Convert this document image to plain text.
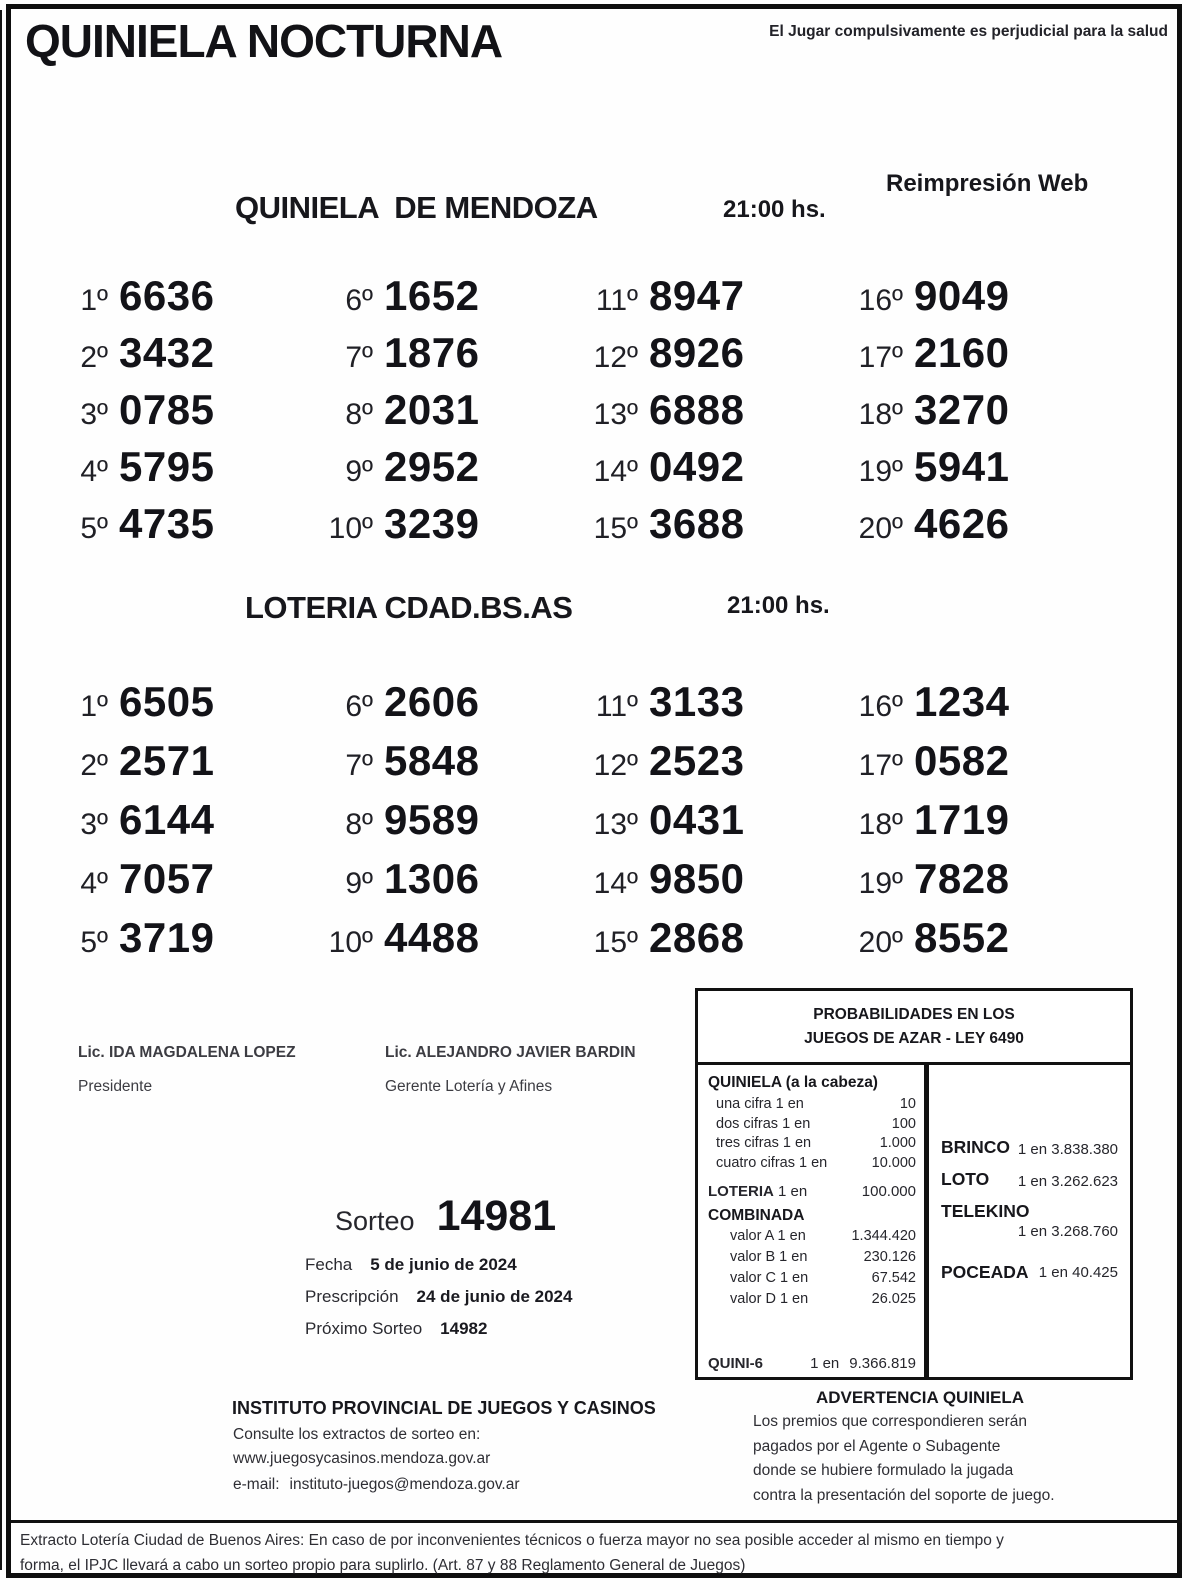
QUINIELA NOCTURNA	El Jugar compulsivamente es perjudicial para la salud
Reimpresión Web
QUINIELA  DE MENDOZA	21:00 hs.
1º 6636
2º 3432
3º 0785
4º 5795
5º 4735
6º 1652
7º 1876
8º 2031
9º 2952
10º 3239
11º 8947
12º 8926
13º 6888
14º 0492
15º 3688
16º 9049
17º 2160
18º 3270
19º 5941
20º 4626
LOTERIA CDAD.BS.AS	21:00 hs.
1º 6505
2º 2571
3º 6144
4º 7057
5º 3719
6º 2606
7º 5848
8º 9589
9º 1306
10º 4488
11º 3133
12º 2523
13º 0431
14º 9850
15º 2868
16º 1234
17º 0582
18º 1719
19º 7828
20º 8552
Lic. IDA MAGDALENA LOPEZ
Presidente
Lic. ALEJANDRO JAVIER BARDIN
Gerente Lotería y Afines
Sorteo 14981
Fecha 5 de junio de 2024
Prescripción 24 de junio de 2024
Próximo Sorteo 14982
PROBABILIDADES EN LOS
JUEGOS DE AZAR - LEY 6490
QUINIELA (a la cabeza)
una cifra 1 en	10
dos cifras 1 en	100
tres cifras 1 en	1.000
cuatro cifras 1 en	10.000
LOTERIA 1 en	100.000
COMBINADA
valor A 1 en	1.344.420
valor B 1 en	230.126
valor C 1 en	67.542
valor D 1 en	26.025
QUINI-6	1 en 9.366.819
BRINCO 1 en 3.838.380
LOTO 1 en 3.262.623
TELEKINO
1 en 3.268.760
POCEADA 1 en 40.425
ADVERTENCIA QUINIELA
Los premios que correspondieren serán
pagados por el Agente o Subagente
donde se hubiere formulado la jugada
contra la presentación del soporte de juego.
INSTITUTO PROVINCIAL DE JUEGOS Y CASINOS
Consulte los extractos de sorteo en:
www.juegosycasinos.mendoza.gov.ar
e-mail: instituto-juegos@mendoza.gov.ar
Extracto Lotería Ciudad de Buenos Aires: En caso de por inconvenientes técnicos o fuerza mayor no sea posible acceder al mismo en tiempo y
forma, el IPJC llevará a cabo un sorteo propio para suplirlo. (Art. 87 y 88 Reglamento General de Juegos)
